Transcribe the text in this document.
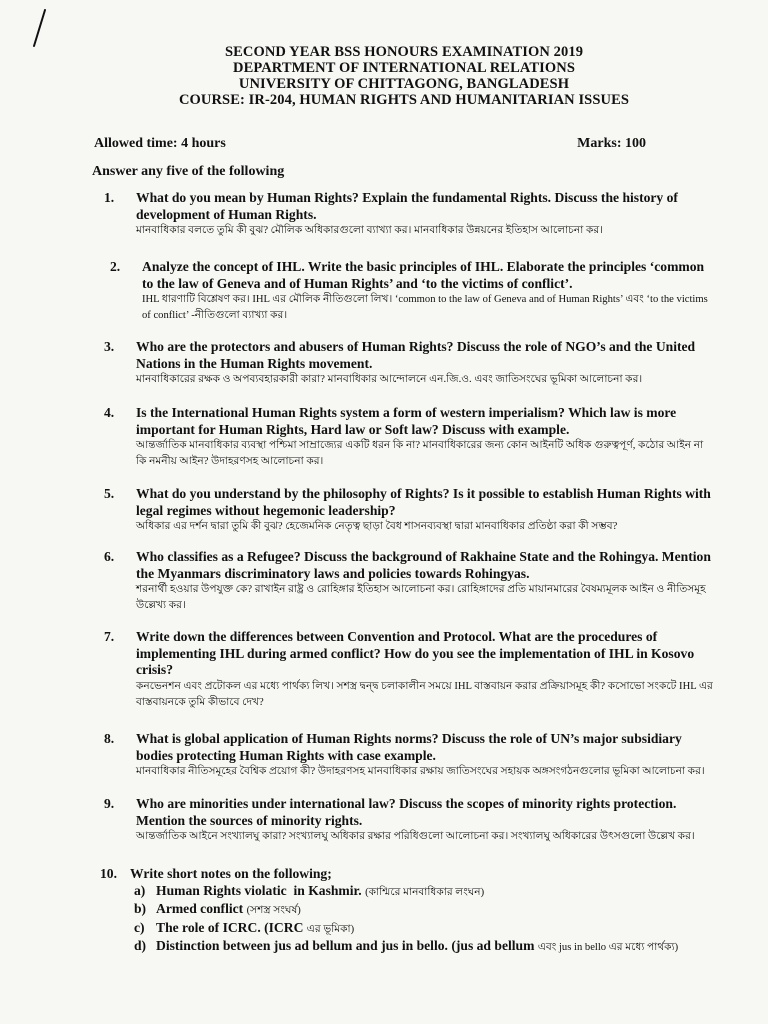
SECOND YEAR BSS HONOURS EXAMINATION 2019
DEPARTMENT OF INTERNATIONAL RELATIONS
UNIVERSITY OF CHITTAGONG, BANGLADESH
COURSE: IR-204, HUMAN RIGHTS AND HUMANITARIAN ISSUES
Allowed time: 4 hours	Marks: 100
Answer any five of the following
1.	What do you mean by Human Rights? Explain the fundamental Rights. Discuss the history of development of Human Rights.
মানবাধিকার বলতে তুমি কী বুঝ? মৌলিক অধিকারগুলো ব্যাখ্যা কর। মানবাধিকার উন্নয়নের ইতিহাস আলোচনা কর।
2.	Analyze the concept of IHL. Write the basic principles of IHL. Elaborate the principles ‘common to the law of Geneva and of Human Rights’ and ‘to the victims of conflict’.
IHL ধারণাটি বিশ্লেষণ কর। IHL এর মৌলিক নীতিগুলো লিখ। ‘common to the law of Geneva and of Human Rights’ এবং ‘to the victims of conflict’ -নীতিগুলো ব্যাখ্যা কর।
3.	Who are the protectors and abusers of Human Rights? Discuss the role of NGO’s and the United Nations in the Human Rights movement.
মানবাধিকারের রক্ষক ও অপব্যবহারকারী কারা? মানবাধিকার আন্দোলনে এন.জি.ও. এবং জাতিসংঘের ভূমিকা আলোচনা কর।
4.	Is the International Human Rights system a form of western imperialism? Which law is more important for Human Rights, Hard law or Soft law? Discuss with example.
আন্তর্জাতিক মানবাধিকার ব্যবস্থা পশ্চিমা সাম্রাজ্যের একটি ধরন কি না? মানবাধিকারের জন্য কোন আইনটি অধিক গুরুত্বপূর্ণ, কঠোর আইন না কি নমনীয় আইন? উদাহরণসহ আলোচনা কর।
5.	What do you understand by the philosophy of Rights? Is it possible to establish Human Rights with legal regimes without hegemonic leadership?
অধিকার এর দর্শন দ্বারা তুমি কী বুঝ? হেজেমনিক নেতৃত্ব ছাড়া বৈধ শাসনব্যবস্থা দ্বারা মানবাধিকার প্রতিষ্ঠা করা কী সম্ভব?
6.	Who classifies as a Refugee? Discuss the background of Rakhaine State and the Rohingya. Mention the Myanmars discriminatory laws and policies towards Rohingyas.
শরনার্থী হওয়ার উপযুক্ত কে? রাখাইন রাষ্ট্র ও রোহিঙ্গার ইতিহাস আলোচনা কর। রোহিঙ্গাদের প্রতি মায়ানমারের বৈষম্যমূলক আইন ও নীতিসমূহ উল্লেখ্য কর।
7.	Write down the differences between Convention and Protocol. What are the procedures of implementing IHL during armed conflict? How do you see the implementation of IHL in Kosovo crisis?
কনভেনশন এবং প্রটোকল এর মধ্যে পার্থক্য লিখ। সশস্ত্র দ্বন্দ্ব চলাকালীন সময়ে IHL বাস্তবায়ন করার প্রক্রিয়াসমূহ কী? কসোভো সংকটে IHL এর বাস্তবায়নকে তুমি কীভাবে দেখ?
8.	What is global application of Human Rights norms? Discuss the role of UN’s major subsidiary bodies protecting Human Rights with case example.
মানবাধিকার নীতিসমূহের বৈশ্বিক প্রয়োগ কী? উদাহরণসহ মানবাধিকার রক্ষায় জাতিসংঘের সহায়ক অঙ্গসংগঠনগুলোর ভূমিকা আলোচনা কর।
9.	Who are minorities under international law? Discuss the scopes of minority rights protection. Mention the sources of minority rights.
আন্তর্জাতিক আইনে সংখ্যালঘু কারা? সংখ্যালঘু অধিকার রক্ষার পরিধিগুলো আলোচনা কর। সংখ্যালঘু অধিকারের উৎসগুলো উল্লেখ কর।
10. Write short notes on the following;
a) Human Rights violatic  in Kashmir. (কাশ্মিরে মানবাধিকার লংঘন)
b) Armed conflict (সশস্ত্র সংঘর্ষ)
c) The role of ICRC. (ICRC এর ভূমিকা)
d) Distinction between jus ad bellum and jus in bello. (jus ad bellum এবং jus in bello এর মধ্যে পার্থক্য)
